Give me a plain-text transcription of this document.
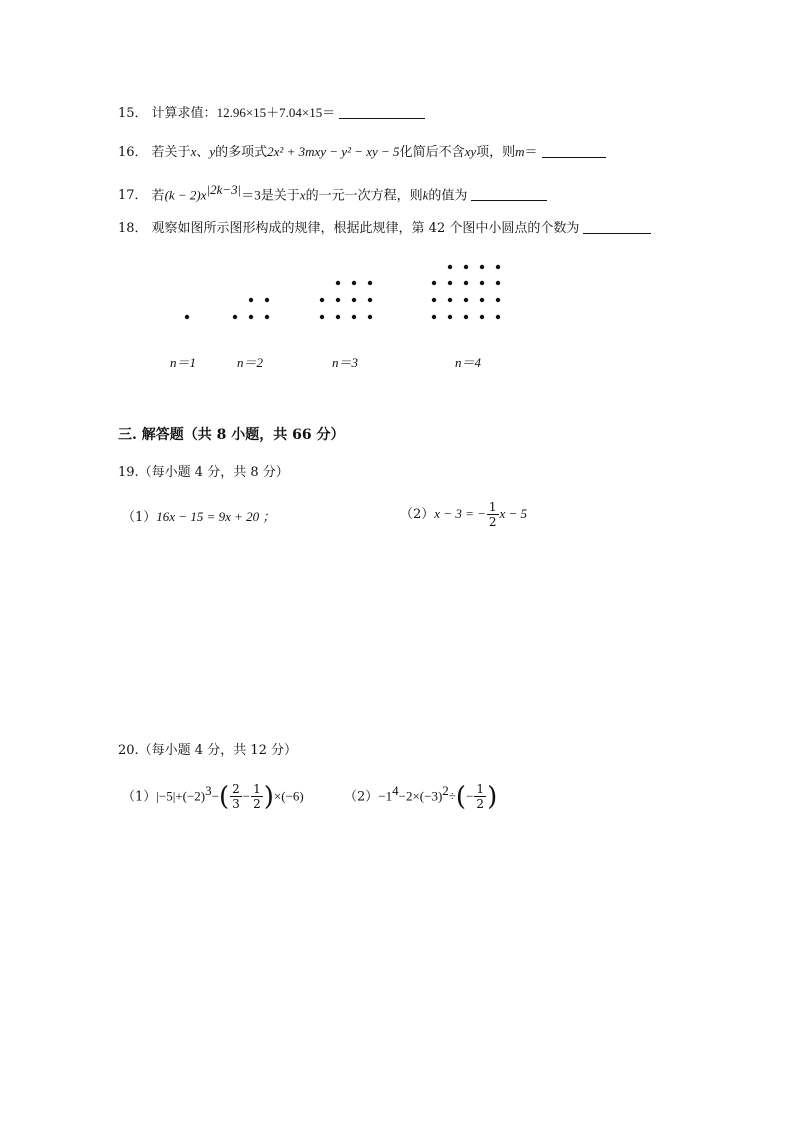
15． 计算求值：12.96×15＋7.04×15＝
16． 若关于x、y的多项式2x² + 3mxy − y² − xy − 5化简后不含xy项，则m＝
17． 若$(k - 2)x^{|2k-3|}=3$是关于x的一元一次方程，则k的值为
18． 观察如图所示图形构成的规律，根据此规律，第 42 个图中小圆点的个数为
n＝1	n＝2	n＝3	n＝4
三. 解答题（共 8 小题，共 66 分）
19.（每小题 4 分，共 8 分）
（1）16x − 15 = 9x + 20 ；	（2）x − 3 = − $\frac{1}{2}$ x − 5
20.（每小题 4 分，共 12 分）
$(1)|-5|+(-2)^3-( \frac{2}{3} - \frac{1}{2} )\times(-6)$	$(2)-1^4-2\times(-3)^2\div(- \frac{1}{2}$ )
